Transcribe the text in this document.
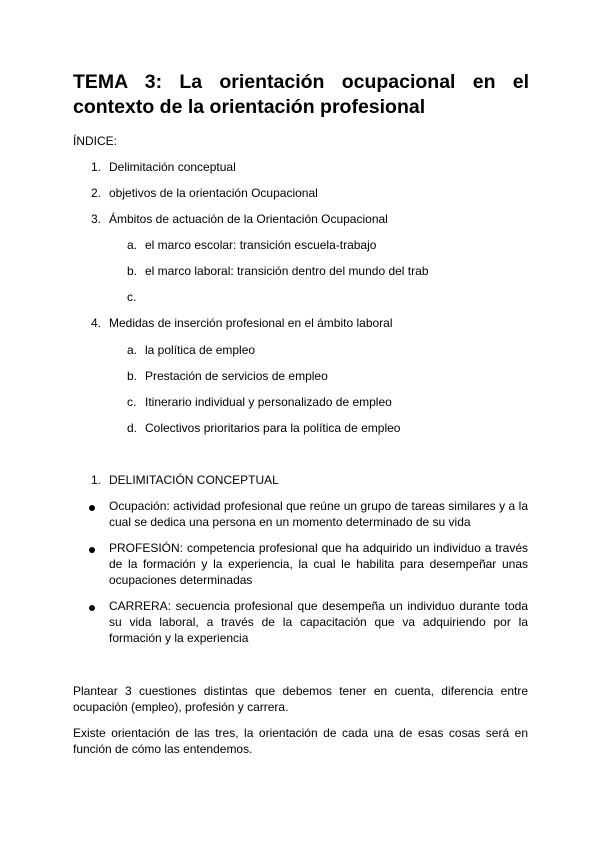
TEMA 3: La orientación ocupacional en el contexto de la orientación profesional
ÍNDICE:
1. Delimitación conceptual
2. objetivos de la orientación Ocupacional
3. Ámbitos de actuación de la Orientación Ocupacional
a. el marco escolar: transición escuela-trabajo
b. el marco laboral: transición dentro del mundo del trab
c.
4. Medidas de inserción profesional en el ámbito laboral
a. la política de empleo
b. Prestación de servicios de empleo
c. Itinerario individual y personalizado de empleo
d. Colectivos prioritarios para la política de empleo
1. DELIMITACIÓN CONCEPTUAL
Ocupación: actividad profesional que reúne un grupo de tareas similares y a la cual se dedica una persona en un momento determinado de su vida
PROFESIÓN: competencia profesional que ha adquirido un individuo a través de la formación y la experiencia, la cual le habilita para desempeñar unas ocupaciones determinadas
CARRERA: secuencia profesional que desempeña un individuo durante toda su vida laboral, a través de la capacitación que va adquiriendo por la formación y la experiencia
Plantear 3 cuestiones distintas que debemos tener en cuenta, diferencia entre ocupación (empleo), profesión y carrera.
Existe orientación de las tres, la orientación de cada una de esas cosas será en función de cómo las entendemos.
